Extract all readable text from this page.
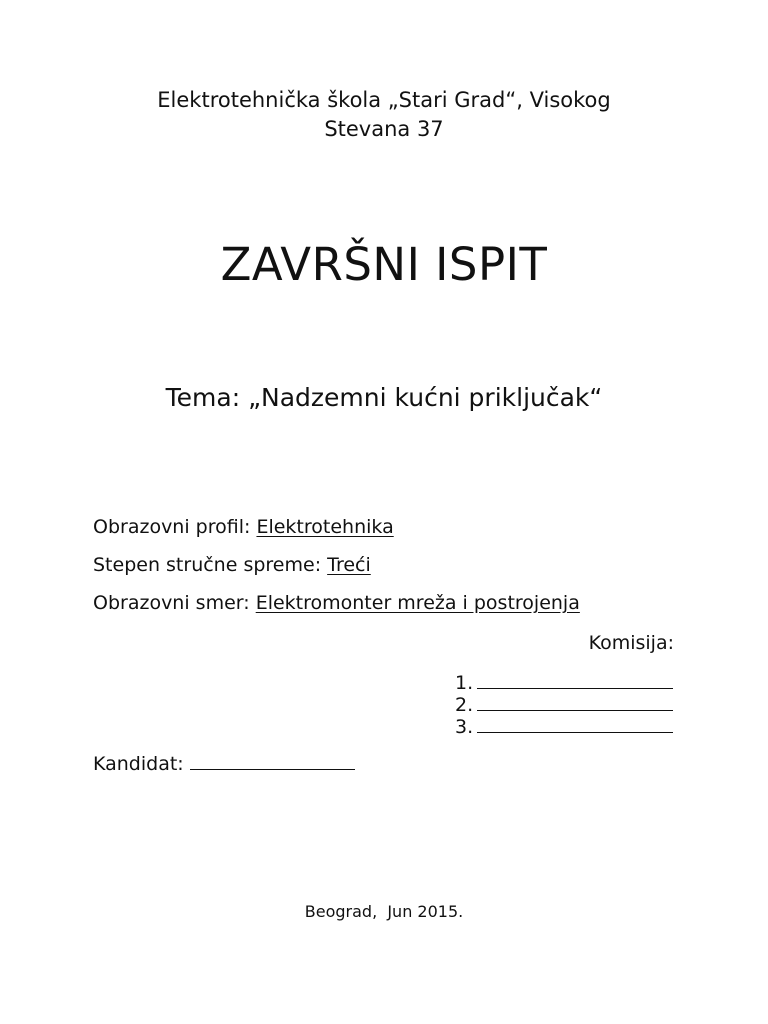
Elektrotehnička škola „Stari Grad“, Visokog
Stevana 37
ZAVRŠNI ISPIT
Tema: „Nadzemni kućni priključak“
Obrazovni profil: Elektrotehnika
Stepen stručne spreme: Treći
Obrazovni smer: Elektromonter mreža i postrojenja
Komisija:
1.
2.
3.
Kandidat:
Beograd,  Jun 2015.
